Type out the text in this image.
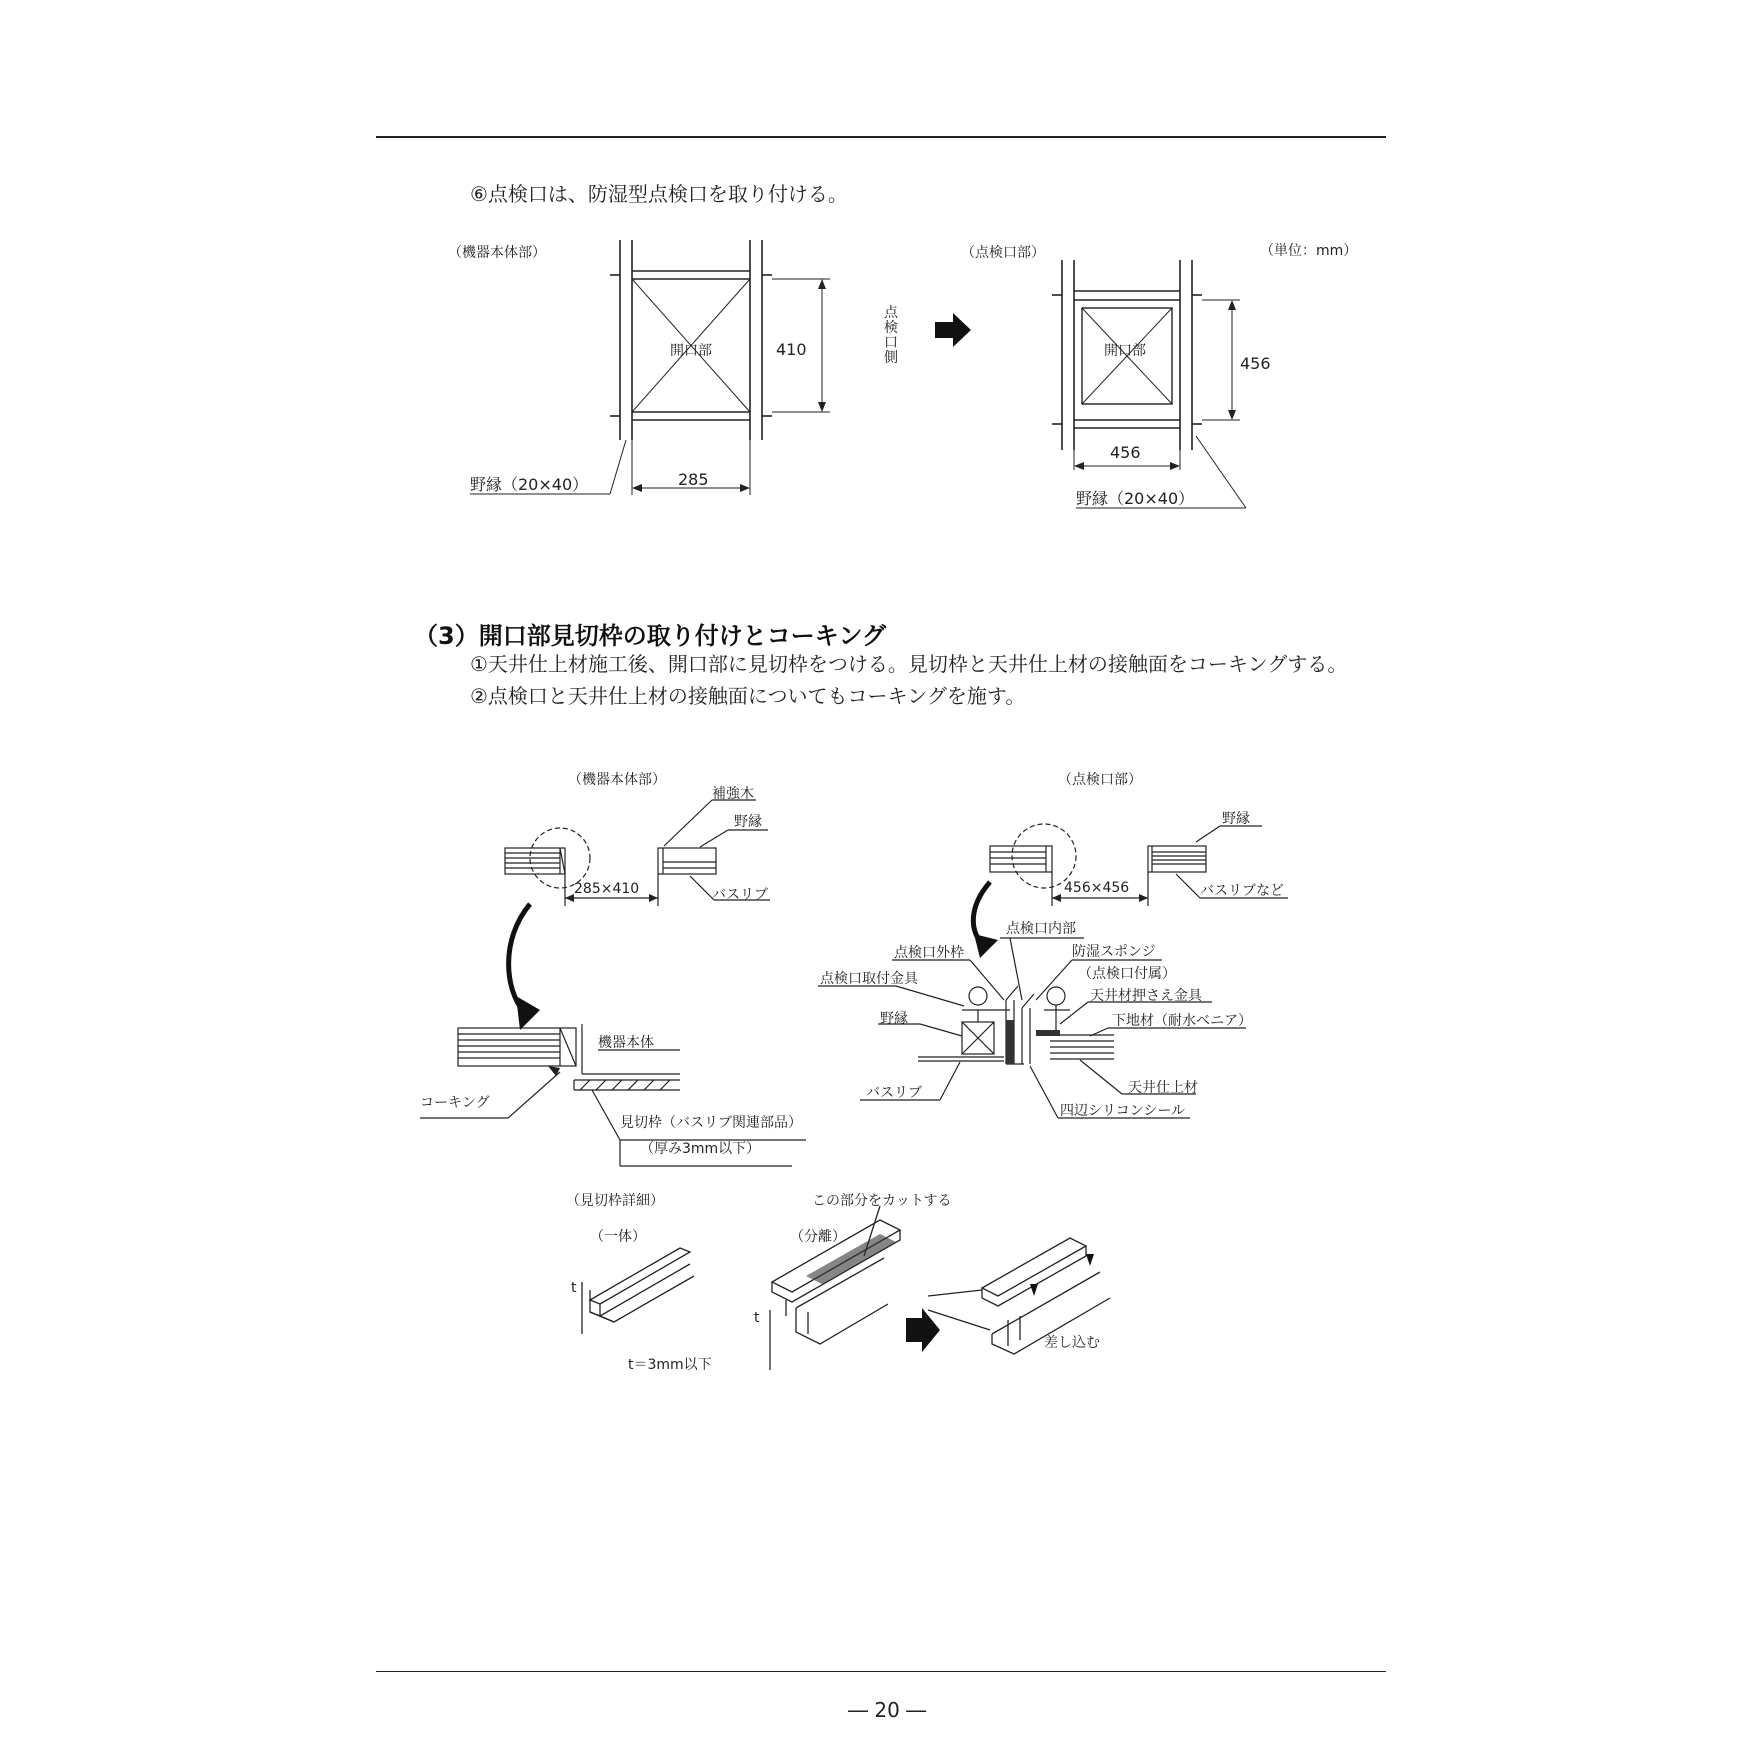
⑥点検口は、防湿型点検口を取り付ける。
（機器本体部）
開口部	410
285
野縁（20×40）
点
検
口
側
（点検口部）	（単位：mm）
開口部
456
456
野縁（20×40）
（3）開口部見切枠の取り付けとコーキング
①天井仕上材施工後、開口部に見切枠をつける。見切枠と天井仕上材の接触面をコーキングする。
②点検口と天井仕上材の接触面についてもコーキングを施す。
（機器本体部）
補強木
野縁
285×410	バスリブ
機器本体
コーキング
見切枠（バスリブ関連部品）
（厚み3mm以下）
（点検口部）
野縁
456×456	バスリブなど
点検口内部
点検口外枠	防湿スポンジ
（点検口付属）
点検口取付金具
天井材押さえ金具
野縁	下地材（耐水ベニア）
バスリブ	天井仕上材
四辺シリコンシール
（見切枠詳細）
（一体）	（分離）
この部分をカットする
t
t
t＝3mm以下
差し込む
― 20 ―
